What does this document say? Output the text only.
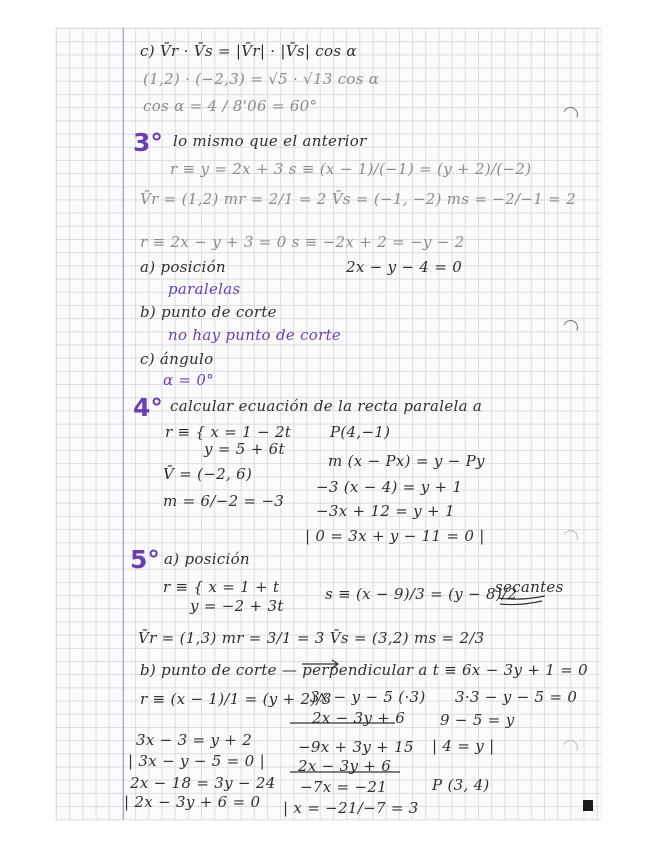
c) V̄r · V̄s = |V̄r| · |V̄s| cos α
(1,2) · (−2,3) = √5 · √13 cos α
cos α = 4 / 8'06 = 60°
lo mismo que el anterior
r ≡ y = 2x + 3 s ≡ (x − 1)/(−1) = (y + 2)/(−2)
V̄r = (1,2) mr = 2/1 = 2 V̄s = (−1, −2) ms = −2/−1 = 2
r ≡ 2x − y + 3 = 0 s ≡ −2x + 2 = −y − 2
a) posición	2x − y − 4 = 0
paralelas
b) punto de corte
no hay punto de corte
c) ángulo
α = 0°
calcular ecuación de la recta paralela a
r ≡ { x = 1 − 2t	P(4,−1)
y = 5 + 6t
m (x − Px) = y − Py
V̄ = (−2, 6)
−3 (x − 4) = y + 1
m = 6/−2 = −3
−3x + 12 = y + 1
| 0 = 3x + y − 11 = 0 |
a) posición
r ≡ { x = 1 + t	s ≡ (x − 9)/3 = (y − 8)/2
secantes
y = −2 + 3t
V̄r = (1,3) mr = 3/1 = 3 V̄s = (3,2) ms = 2/3
b) punto de corte — perpendicular a t ≡ 6x − 3y + 1 = 0
r ≡ (x − 1)/1 = (y + 2)/3
3x − y − 5 (·3) 3·3 − y − 5 = 0
2x − 3y + 6 9 − 5 = y
3x − 3 = y + 2	−9x + 3y + 15 | 4 = y |
| 3x − y − 5 = 0 | 2x − 3y + 6
2x − 18 = 3y − 24 −7x = −21	P (3, 4)
| 2x − 3y + 6 = 0 | x = −21/−7 = 3
3°
4°
5°
